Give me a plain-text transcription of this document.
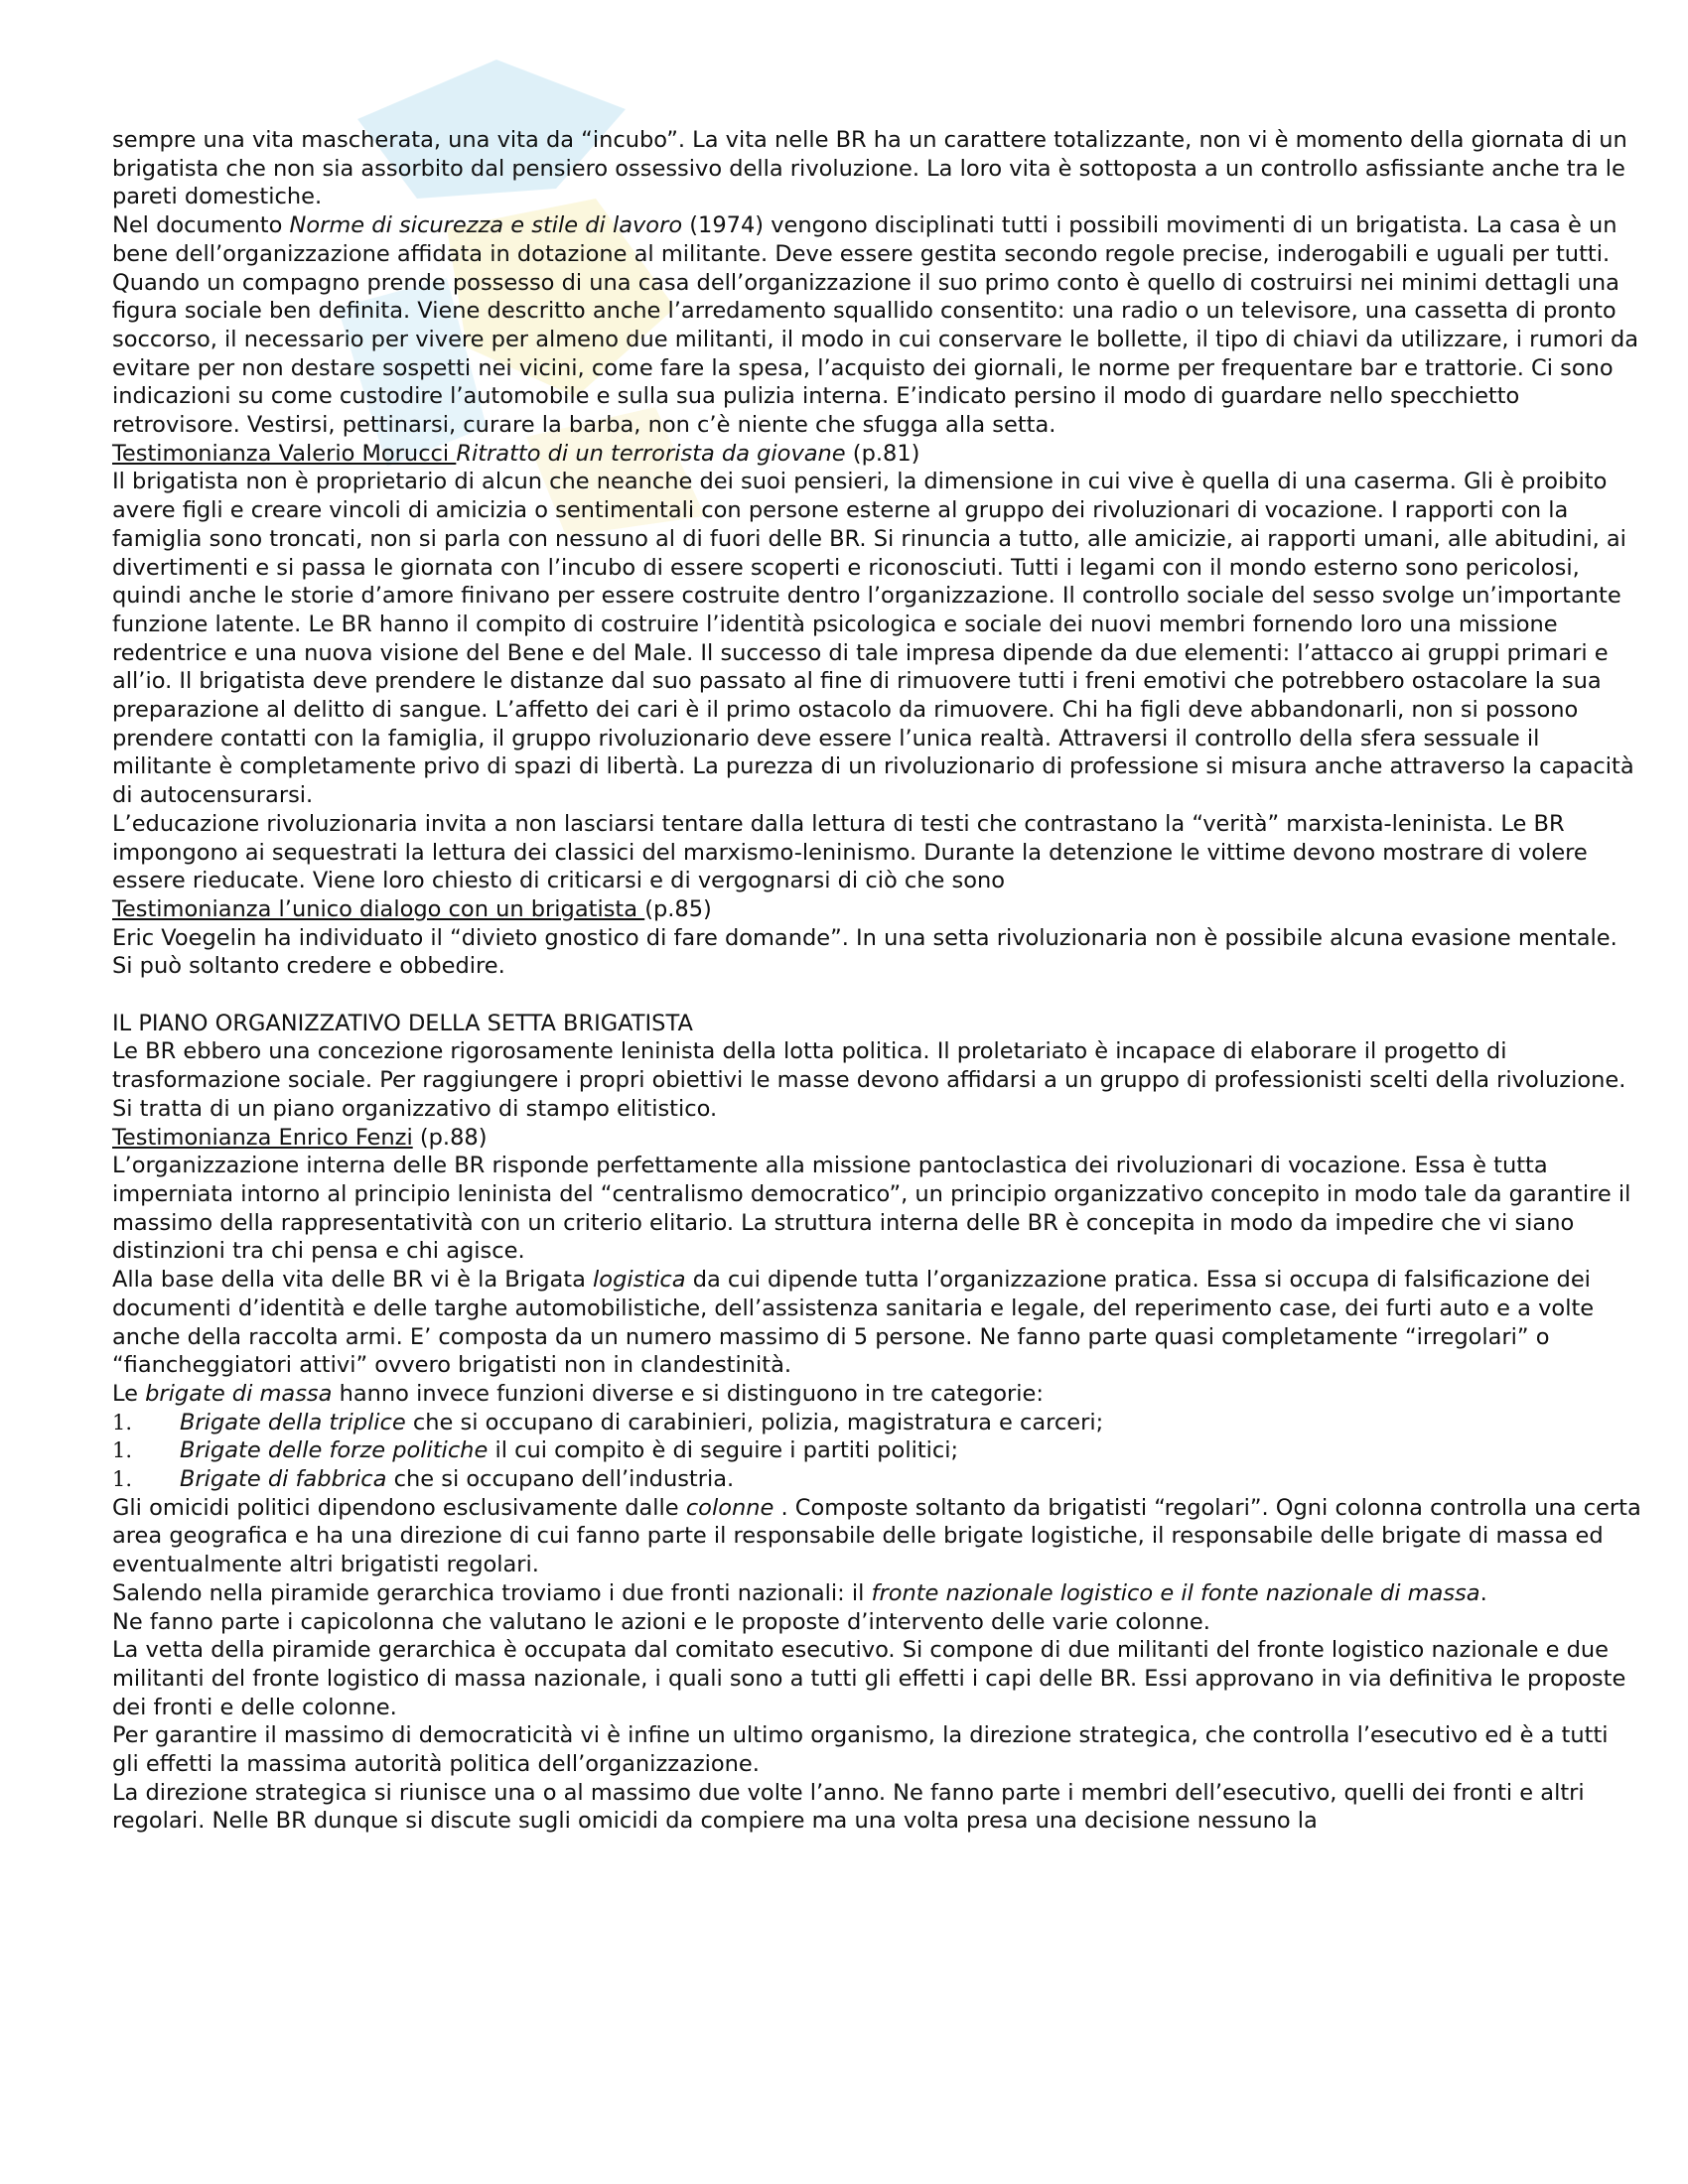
sempre una vita mascherata, una vita da “incubo”. La vita nelle BR ha un carattere totalizzante, non vi è momento della giornata di un brigatista che non sia assorbito dal pensiero ossessivo della rivoluzione. La loro vita è sottoposta a un controllo asfissiante anche tra le pareti domestiche.

Nel documento Norme di sicurezza e stile di lavoro (1974) vengono disciplinati tutti i possibili movimenti di un brigatista. La casa è un bene dell’organizzazione affidata in dotazione al militante. Deve essere gestita secondo regole precise, inderogabili e uguali per tutti. Quando un compagno prende possesso di una casa dell’organizzazione il suo primo conto è quello di costruirsi nei minimi dettagli una figura sociale ben definita. Viene descritto anche l’arredamento squallido consentito: una radio o un televisore, una cassetta di pronto soccorso, il necessario per vivere per almeno due militanti, il modo in cui conservare le bollette, il tipo di chiavi da utilizzare, i rumori da evitare per non destare sospetti nei vicini, come fare la spesa, l’acquisto dei giornali, le norme per frequentare bar e trattorie. Ci sono indicazioni su come custodire l’automobile e sulla sua pulizia interna. E’indicato persino il modo di guardare nello specchietto retrovisore. Vestirsi, pettinarsi, curare la barba, non c’è niente che sfugga alla setta.

Testimonianza Valerio Morucci Ritratto di un terrorista da giovane (p.81)

Il brigatista non è proprietario di alcun che neanche dei suoi pensieri, la dimensione in cui vive è quella di una caserma. Gli è proibito avere figli e creare vincoli di amicizia o sentimentali con persone esterne al gruppo dei rivoluzionari di vocazione. I rapporti con la famiglia sono troncati, non si parla con nessuno al di fuori delle BR. Si rinuncia a tutto, alle amicizie, ai rapporti umani, alle abitudini, ai divertimenti e si passa le giornata con l’incubo di essere scoperti e riconosciuti. Tutti i legami con il mondo esterno sono pericolosi, quindi anche le storie d’amore finivano per essere costruite dentro l’organizzazione. Il controllo sociale del sesso svolge un’importante funzione latente. Le BR hanno il compito di costruire l’identità psicologica e sociale dei nuovi membri fornendo loro una missione redentrice e una nuova visione del Bene e del Male. Il successo di tale impresa dipende da due elementi: l’attacco ai gruppi primari e all’io. Il brigatista deve prendere le distanze dal suo passato al fine di rimuovere tutti i freni emotivi che potrebbero ostacolare la sua preparazione al delitto di sangue. L’affetto dei cari è il primo ostacolo da rimuovere. Chi ha figli deve abbandonarli, non si possono prendere contatti con la famiglia, il gruppo rivoluzionario deve essere l’unica realtà. Attraversi il controllo della sfera sessuale il militante è completamente privo di spazi di libertà. La purezza di un rivoluzionario di professione si misura anche attraverso la capacità di autocensurarsi.

L’educazione rivoluzionaria invita a non lasciarsi tentare dalla lettura di testi che contrastano la “verità” marxista-leninista. Le BR impongono ai sequestrati la lettura dei classici del marxismo-leninismo. Durante la detenzione le vittime devono mostrare di volere essere rieducate. Viene loro chiesto di criticarsi e di vergognarsi di ciò che sono

Testimonianza l’unico dialogo con un brigatista (p.85)

Eric Voegelin ha individuato il “divieto gnostico di fare domande”. In una setta rivoluzionaria non è possibile alcuna evasione mentale. Si può soltanto credere e obbedire.

IL PIANO ORGANIZZATIVO DELLA SETTA BRIGATISTA

Le BR ebbero una concezione rigorosamente leninista della lotta politica. Il proletariato è incapace di elaborare il progetto di trasformazione sociale. Per raggiungere i propri obiettivi le masse devono affidarsi a un gruppo di professionisti scelti della rivoluzione. Si tratta di un piano organizzativo di stampo elitistico.

Testimonianza Enrico Fenzi (p.88)

L’organizzazione interna delle BR risponde perfettamente alla missione pantoclastica dei rivoluzionari di vocazione. Essa è tutta imperniata intorno al principio leninista del “centralismo democratico”, un principio organizzativo concepito in modo tale da garantire il massimo della rappresentatività con un criterio elitario. La struttura interna delle BR è concepita in modo da impedire che vi siano distinzioni tra chi pensa e chi agisce.

Alla base della vita delle BR vi è la Brigata logistica da cui dipende tutta l’organizzazione pratica. Essa si occupa di falsificazione dei documenti d’identità e delle targhe automobilistiche, dell’assistenza sanitaria e legale, del reperimento case, dei furti auto e a volte anche della raccolta armi. E’ composta da un numero massimo di 5 persone. Ne fanno parte quasi completamente “irregolari” o “fiancheggiatori attivi” ovvero brigatisti non in clandestinità.

Le brigate di massa hanno invece funzioni diverse e si distinguono in tre categorie:

1.	Brigate della triplice che si occupano di carabinieri, polizia, magistratura e carceri;
1.	Brigate delle forze politiche il cui compito è di seguire i partiti politici;
1.	Brigate di fabbrica che si occupano dell’industria.

Gli omicidi politici dipendono esclusivamente dalle colonne . Composte soltanto da brigatisti “regolari”. Ogni colonna controlla una certa area geografica e ha una direzione di cui fanno parte il responsabile delle brigate logistiche, il responsabile delle brigate di massa ed eventualmente altri brigatisti regolari.

Salendo nella piramide gerarchica troviamo i due fronti nazionali: il fronte nazionale logistico e il fonte nazionale di massa.

Ne fanno parte i capicolonna che valutano le azioni e le proposte d’intervento delle varie colonne.

La vetta della piramide gerarchica è occupata dal comitato esecutivo. Si compone di due militanti del fronte logistico nazionale e due militanti del fronte logistico di massa nazionale, i quali sono a tutti gli effetti i capi delle BR. Essi approvano in via definitiva le proposte dei fronti e delle colonne.

Per garantire il massimo di democraticità vi è infine un ultimo organismo, la direzione strategica, che controlla l’esecutivo ed è a tutti gli effetti la massima autorità politica dell’organizzazione.

La direzione strategica si riunisce una o al massimo due volte l’anno. Ne fanno parte i membri dell’esecutivo, quelli dei fronti e altri regolari. Nelle BR dunque si discute sugli omicidi da compiere ma una volta presa una decisione nessuno la
